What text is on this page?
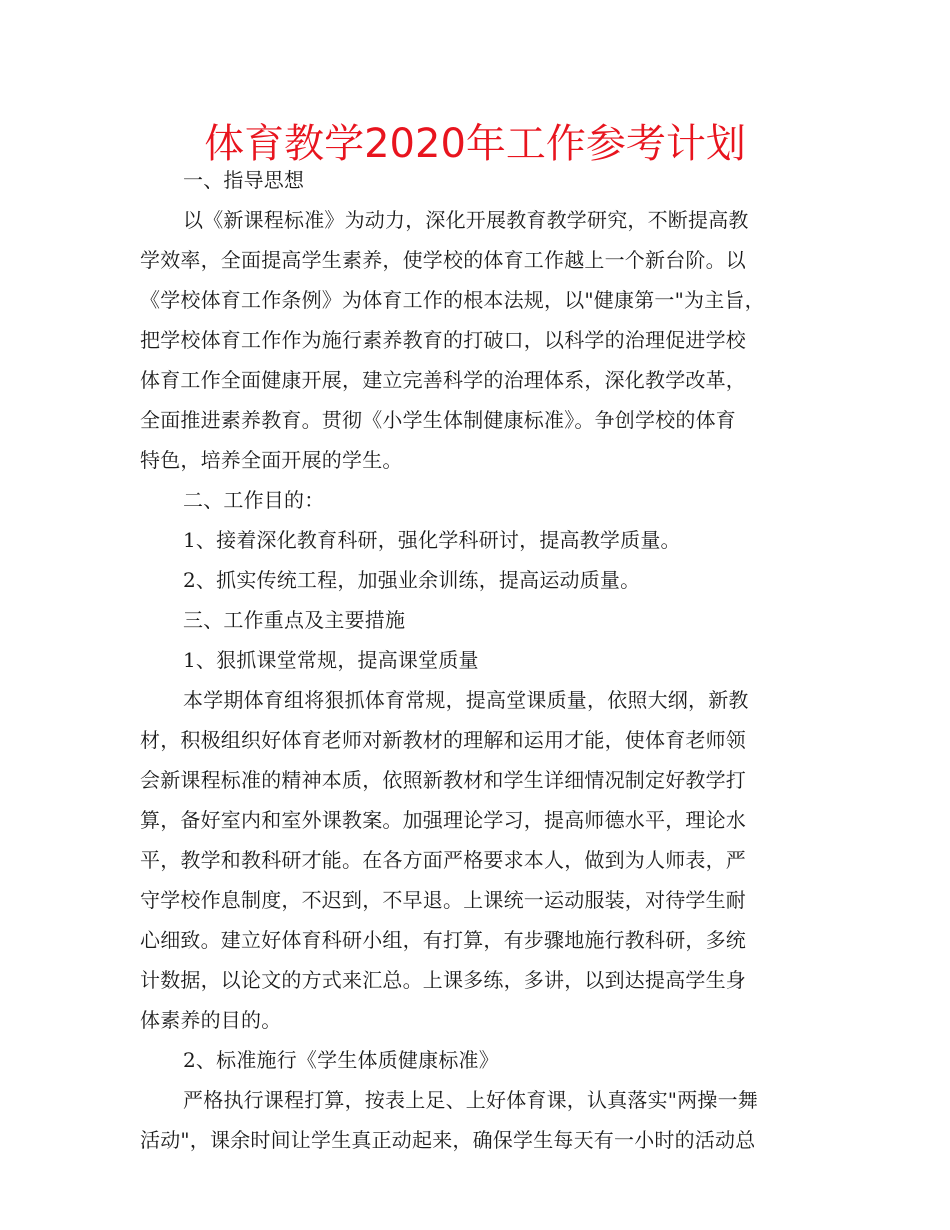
体育教学2020年工作参考计划
一、指导思想
以《新课程标准》为动力，深化开展教育教学研究，不断提高教
学效率，全面提高学生素养，使学校的体育工作越上一个新台阶。以
《学校体育工作条例》为体育工作的根本法规，以"健康第一"为主旨，
把学校体育工作作为施行素养教育的打破口，以科学的治理促进学校
体育工作全面健康开展，建立完善科学的治理体系，深化教学改革，
全面推进素养教育。贯彻《小学生体制健康标准》。争创学校的体育
特色，培养全面开展的学生。
二、工作目的：
1、接着深化教育科研，强化学科研讨，提高教学质量。
2、抓实传统工程，加强业余训练，提高运动质量。
三、工作重点及主要措施
1、狠抓课堂常规，提高课堂质量
本学期体育组将狠抓体育常规，提高堂课质量，依照大纲，新教
材，积极组织好体育老师对新教材的理解和运用才能，使体育老师领
会新课程标准的精神本质，依照新教材和学生详细情况制定好教学打
算，备好室内和室外课教案。加强理论学习，提高师德水平，理论水
平，教学和教科研才能。在各方面严格要求本人，做到为人师表，严
守学校作息制度，不迟到，不早退。上课统一运动服装，对待学生耐
心细致。建立好体育科研小组，有打算，有步骤地施行教科研，多统
计数据，以论文的方式来汇总。上课多练，多讲，以到达提高学生身
体素养的目的。
2、标准施行《学生体质健康标准》
严格执行课程打算，按表上足、上好体育课，认真落实"两操一舞
活动"，课余时间让学生真正动起来，确保学生每天有一小时的活动总
